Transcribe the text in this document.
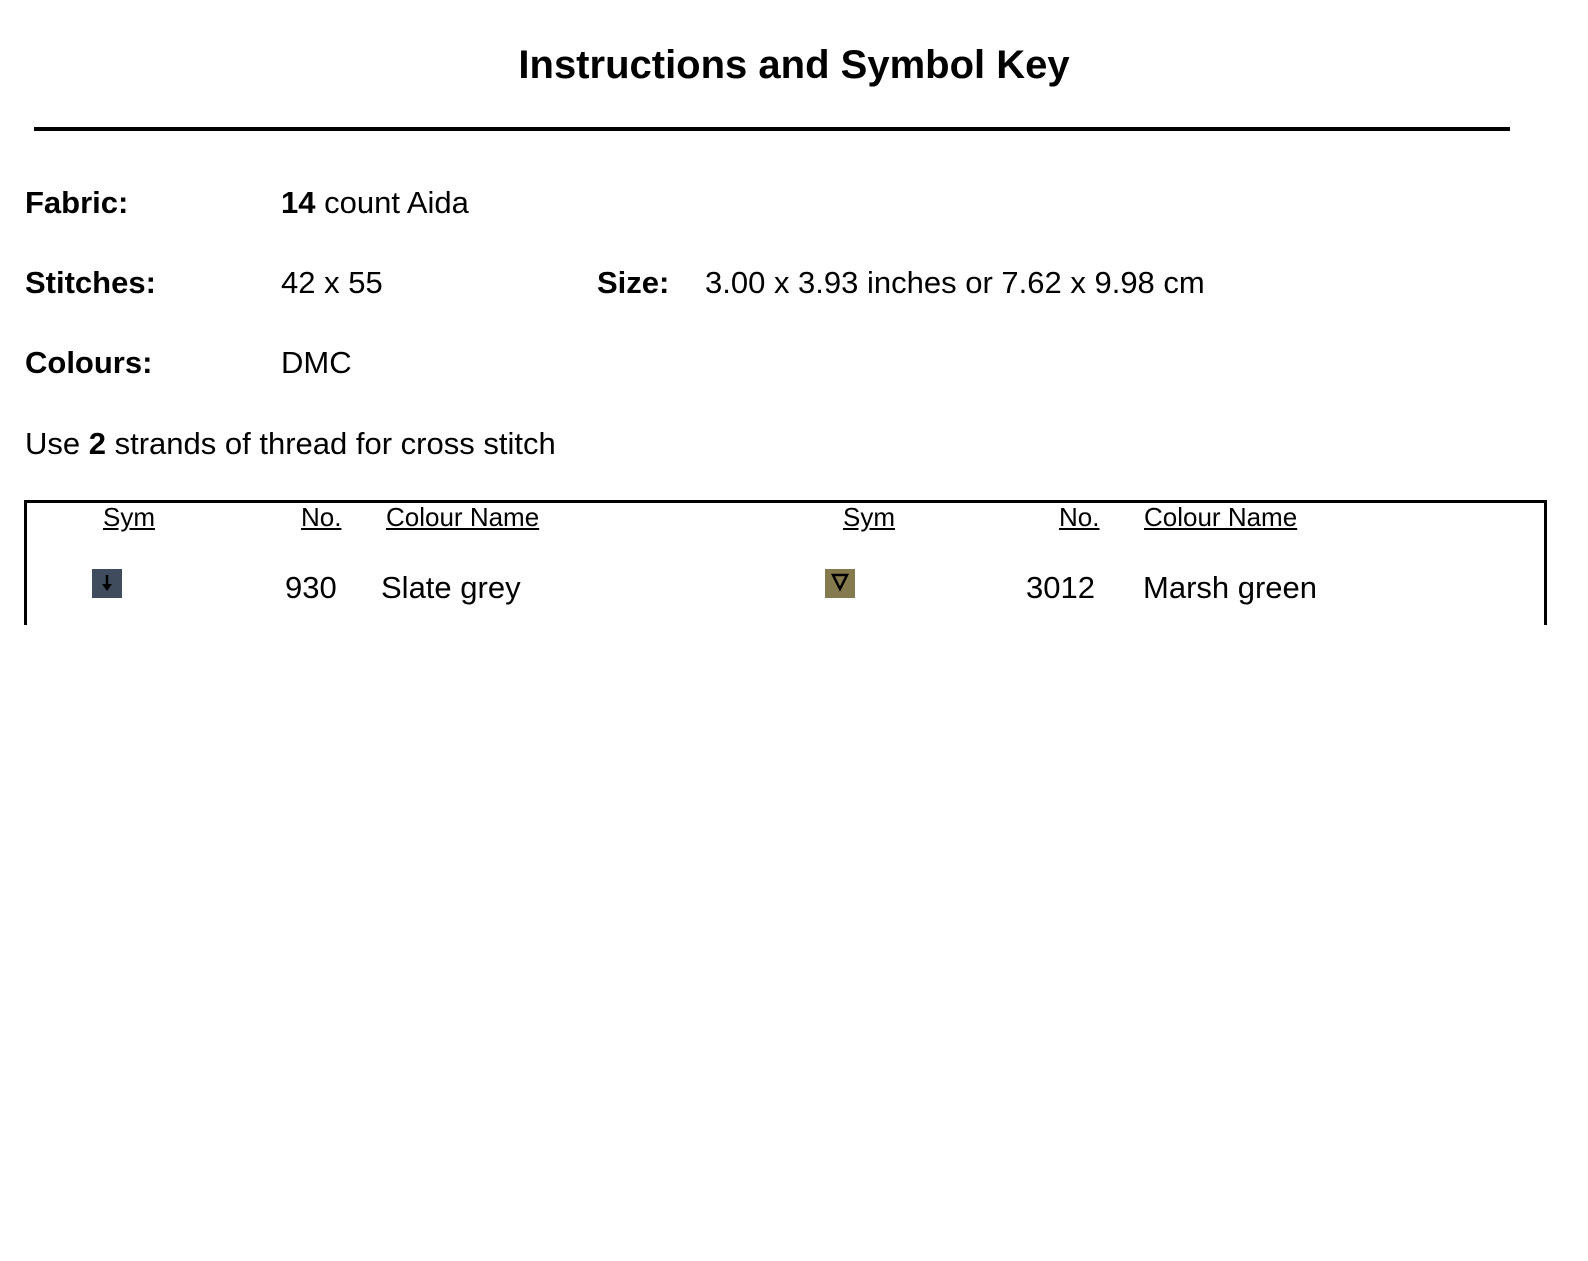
Instructions and Symbol Key
Fabric:	14 count Aida
Stitches:	42 x 55	Size: 3.00 x 3.93 inches or 7.62 x 9.98 cm
Colours:	DMC
Use 2 strands of thread for cross stitch
Sym	No. Colour Name	Sym	No. Colour Name
930 Slate grey	3012 Marsh green
